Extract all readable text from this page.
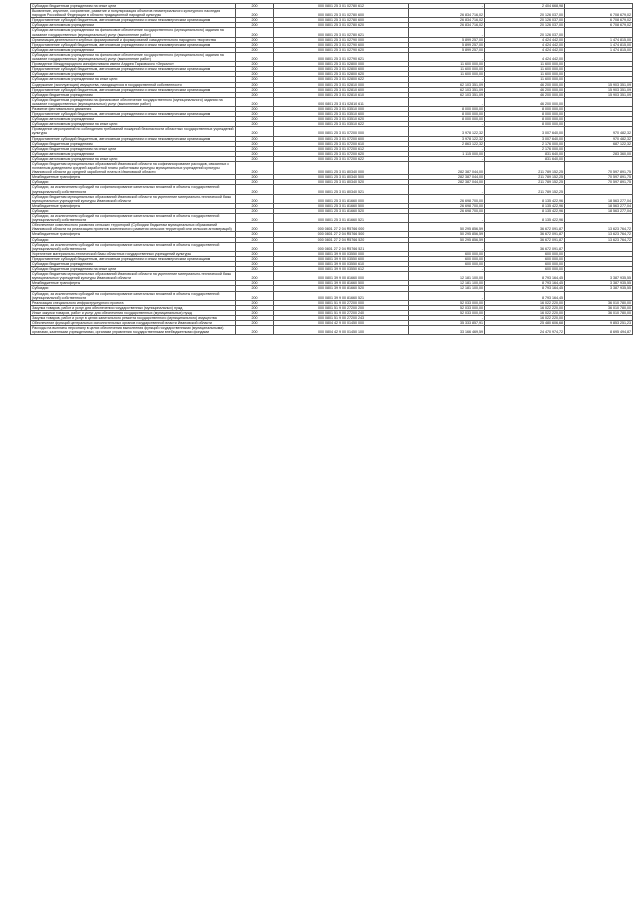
Субсидии бюджетным учреждениям на иные цели	200	000 0801 25 3 01 02780 612	-	2 404 668,98	
Выявление, изучение, сохранение, развитие и популяризация объектов нематериального культурного наследия народов Российской Федерации в области традиционной народной культуры	200	000 0801 25 3 01 02780 600	26 834 716,02	20 126 037,00	6 708 679,02
Предоставление субсидий бюджетным, автономным учреждениям и иным некоммерческим организациям	200	000 0801 25 3 01 02780 600	26 834 716,02	20 126 037,00	6 708 679,02
Субсидии автономным учреждениям	200	000 0801 25 3 01 02780 620	26 834 716,02	20 126 037,00	6 708 679,02
Субсидии автономным учреждениям на финансовое обеспечение государственного (муниципального) задания на оказание государственных (муниципальных) услуг (выполнение работ)	200	000 0801 25 3 01 02780 621	-	20 126 037,00	
Организация деятельности клубных формирований и формирований самодеятельного народного творчества	200	000 0801 25 3 01 02790 000	5 899 257,00	4 424 442,00	1 474 815,00
Предоставление субсидий бюджетным, автономным учреждениям и иным некоммерческим организациям	200	000 0801 25 3 01 02790 600	5 899 257,00	4 424 442,00	1 474 815,00
Субсидии автономным учреждениям	200	000 0801 25 3 01 02790 620	5 899 257,00	4 424 442,00	1 474 815,00
Субсидии автономным учреждениям на финансовое обеспечение государственного (муниципального) задания на оказание государственных (муниципальных) услуг (выполнение работ)	200	000 0801 25 3 01 02790 621	-	4 424 442,00	
Проведение Международного кинофестиваля имени Андрея Тарковского «Зеркало»	200	000 0801 25 3 01 02800 000	11 600 000,00	11 600 000,00	
Предоставление субсидий бюджетным, автономным учреждениям и иным некоммерческим организациям	200	000 0801 25 3 01 02800 600	11 600 000,00	11 600 000,00	
Субсидии автономным учреждениям	200	000 0801 25 3 01 02800 620	11 600 000,00	11 600 000,00	
Субсидии автономным учреждениям на иные цели	200	000 0801 25 3 01 02800 622	-	11 600 000,00	
Содержание (эксплуатация) имущества, находящегося в государственной собственности	200	000 0801 25 3 01 02810 000	62 103 351,09	46 200 000,00	15 903 351,09
Предоставление субсидий бюджетным, автономным учреждениям и иным некоммерческим организациям	200	000 0801 25 3 01 02810 600	62 103 351,09	46 200 000,00	15 903 351,09
Субсидии бюджетным учреждениям	200	000 0801 25 3 01 02810 610	62 103 351,09	46 200 000,00	15 903 351,09
Субсидии бюджетным учреждениям на финансовое обеспечение государственного (муниципального) задания на оказание государственных (муниципальных) услуг (выполнение работ)	200	000 0801 25 3 01 02810 611	-	46 200 000,00	
Развитие фестивального движения	200	000 0801 25 3 01 03510 000	8 000 000,00	8 000 000,00	
Предоставление субсидий бюджетным, автономным учреждениям и иным некоммерческим организациям	200	000 0801 25 3 01 03510 600	8 000 000,00	8 000 000,00	
Субсидии автономным учреждениям	200	000 0801 25 3 01 03510 620	8 000 000,00	8 000 000,00	
Субсидии автономным учреждениям на иные цели	200	000 0801 25 3 01 03510 622	-	8 000 000,00	
Проведение мероприятий по соблюдению требований пожарной безопасности областных государственных учреждений культуры	200	000 0801 25 3 01 07200 000	3 978 122,32	3 007 640,00	970 482,32
Предоставление субсидий бюджетным, автономным учреждениям и иным некоммерческим организациям	200	000 0801 25 3 01 07200 600	3 978 122,32	3 007 640,00	970 482,32
Субсидии бюджетным учреждениям	200	000 0801 25 3 01 07200 610	2 863 122,32	2 176 000,00	687 122,32
Субсидии бюджетным учреждениям на иные цели	200	000 0801 25 3 01 07200 612	-	2 176 000,00	
Субсидии автономным учреждениям	200	000 0801 25 3 01 07200 620	1 115 000,00	831 640,00	283 360,00
Субсидии автономным учреждениям на иные цели	200	000 0801 25 3 01 07200 622	-	831 640,00	
Субсидии бюджетам муниципальных образований Ивановской области на софинансирование расходов, связанных с поэтапным доведением средней заработной платы работникам культуры муниципальных учреждений культуры Ивановской области до средней заработной платы в Ивановской области	200	000 0801 25 3 01 80340 000	282 387 044,00	211 789 152,25	70 597 891,75
Межбюджетные трансферты	200	000 0801 25 3 01 80340 500	282 387 044,00	211 789 152,25	70 597 891,75
Субсидии	200	000 0801 25 3 01 80340 520	282 387 044,00	211 789 152,25	70 597 891,75
Субсидии, за исключением субсидий на софинансирование капитальных вложений в объекты государственной (муниципальной) собственности	200	000 0801 25 3 01 80340 521	-	211 789 152,25	
Субсидии бюджетам муниципальных образований Ивановской области на укрепление материально-технической базы муниципальных учреждений культуры Ивановской области	200	000 0801 25 3 01 81660 000	26 698 700,00	8 135 422,96	18 563 277,04
Межбюджетные трансферты	200	000 0801 25 3 01 81660 500	26 698 700,00	8 135 422,96	18 563 277,04
Субсидии	200	000 0801 25 3 01 81660 520	26 698 700,00	8 135 422,96	18 563 277,04
Субсидии, за исключением субсидий на софинансирование капитальных вложений в объекты государственной (муниципальной) собственности	200	000 0801 25 3 01 81660 521	-	8 135 422,96	
Обеспечение комплексного развития сельских территорий (Субсидии бюджетам муниципальных образований Ивановской области на реализацию проектов комплексного развития сельских территорий или сельских агломераций)	200	000 0801 27 2 04 R5766 000	50 295 856,59	36 672 091,87	13 623 764,72
Межбюджетные трансферты	200	000 0801 27 2 04 R5766 500	50 295 856,59	36 672 091,87	13 623 764,72
Субсидии	200	000 0801 27 2 04 R5766 520	50 295 856,59	36 672 091,87	13 623 764,72
Субсидии, за исключением субсидий на софинансирование капитальных вложений в объекты государственной (муниципальной) собственности	200	000 0801 27 2 04 R5766 521	-	36 672 091,87	
Укрепление материально-технической базы областных государственных учреждений культуры	200	000 0801 39 9 00 03550 000	600 000,00	600 000,00	
Предоставление субсидий бюджетным, автономным учреждениям и иным некоммерческим организациям	200	000 0801 39 9 00 03550 600	600 000,00	600 000,00	
Субсидии бюджетным учреждениям	200	000 0801 39 9 00 03550 610	600 000,00	600 000,00	
Субсидии бюджетным учреждениям на иные цели	200	000 0801 39 9 00 03550 612	-	600 000,00	
Субсидии бюджетам муниципальных образований Ивановской области на укрепление материально-технической базы муниципальных учреждений культуры Ивановской области	200	000 0801 39 9 00 81660 000	12 181 100,00	8 793 164,45	3 387 935,55
Межбюджетные трансферты	200	000 0801 39 9 00 81660 500	12 181 100,00	8 793 164,45	3 387 935,55
Субсидии	200	000 0801 39 9 00 81660 520	12 181 100,00	8 793 164,45	3 387 935,55
Субсидии, за исключением субсидий на софинансирование капитальных вложений в объекты государственной (муниципальной) собственности	200	000 0801 39 9 00 81660 521	-	8 793 164,45	
Реализация специального инфраструктурного проекта	200	000 0801 51 9 00 27200 000	52 033 000,00	16 022 220,00	36 010 780,00
Закупка товаров, работ и услуг для обеспечения государственных (муниципальных) нужд	200	000 0801 51 9 00 27200 200	52 033 000,00	16 022 220,00	36 010 780,00
Иные закупки товаров, работ и услуг для обеспечения государственных (муниципальных) нужд	200	000 0801 51 9 00 27200 240	52 033 000,00	16 022 220,00	36 010 780,00
Закупка товаров, работ и услуг в целях капитального ремонта государственного (муниципального) имущества	200	000 0801 51 9 00 27200 243	-	16 022 220,00	
Обеспечение функций центральных исполнительных органов государственной власти Ивановской области	200	000 0804 42 9 00 01450 000	35 333 857,91	25 480 606,68	9 853 251,23
Расходы на выплаты персоналу в целях обеспечения выполнения функций государственными (муниципальными) органами, казенными учреждениями, органами управления государственными внебюджетными фондами	200	000 0804 42 9 00 01450 100	33 166 469,59	24 470 974,72	8 695 494,87
